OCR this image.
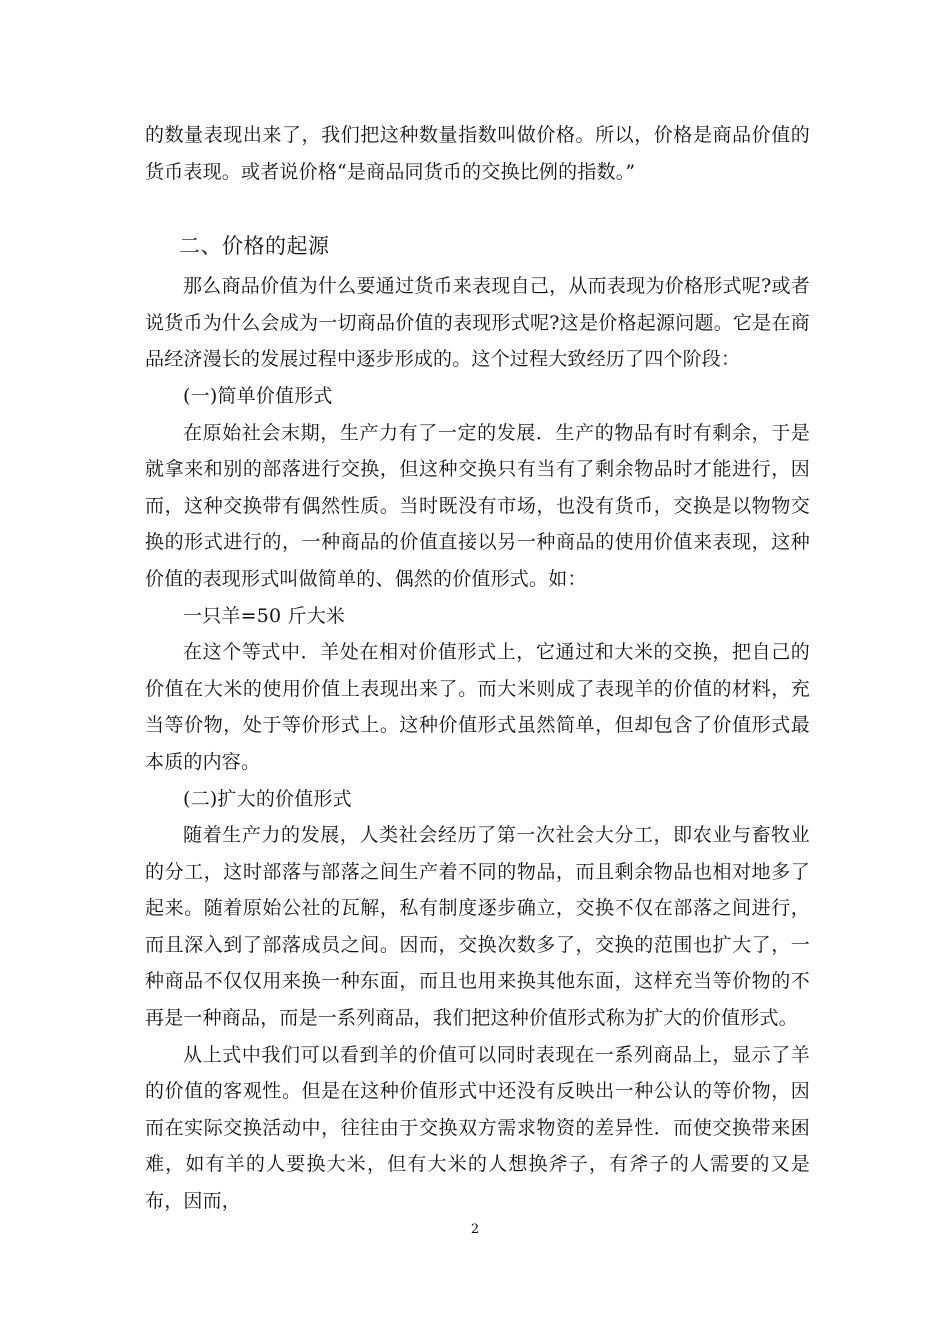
的数量表现出来了，我们把这种数量指数叫做价格。所以，价格是商品价值的货币表现。或者说价格“是商品同货币的交换比例的指数。”

二、价格的起源

那么商品价值为什么要通过货币来表现自己，从而表现为价格形式呢?或者说货币为什么会成为一切商品价值的表现形式呢?这是价格起源问题。它是在商品经济漫长的发展过程中逐步形成的。这个过程大致经历了四个阶段：

(一)简单价值形式

在原始社会末期，生产力有了一定的发展．生产的物品有时有剩余，于是就拿来和别的部落进行交换，但这种交换只有当有了剩余物品时才能进行，因而，这种交换带有偶然性质。当时既没有市场，也没有货币，交换是以物物交换的形式进行的，一种商品的价值直接以另一种商品的使用价值来表现，这种价值的表现形式叫做简单的、偶然的价值形式。如：

一只羊=50 斤大米

在这个等式中．羊处在相对价值形式上，它通过和大米的交换，把自己的价值在大米的使用价值上表现出来了。而大米则成了表现羊的价值的材料，充当等价物，处于等价形式上。这种价值形式虽然简单，但却包含了价值形式最本质的内容。

(二)扩大的价值形式

随着生产力的发展，人类社会经历了第一次社会大分工，即农业与畜牧业的分工，这时部落与部落之间生产着不同的物品，而且剩余物品也相对地多了起来。随着原始公社的瓦解，私有制度逐步确立，交换不仅在部落之间进行，而且深入到了部落成员之间。因而，交换次数多了，交换的范围也扩大了，一种商品不仅仅用来换一种东面，而且也用来换其他东面，这样充当等价物的不再是一种商品，而是一系列商品，我们把这种价值形式称为扩大的价值形式。

从上式中我们可以看到羊的价值可以同时表现在一系列商品上，显示了羊的价值的客观性。但是在这种价值形式中还没有反映出一种公认的等价物，因而在实际交换活动中，往往由于交换双方需求物资的差异性．而使交换带来困难，如有羊的人要换大米，但有大米的人想换斧子，有斧子的人需要的又是布，因而，

2
